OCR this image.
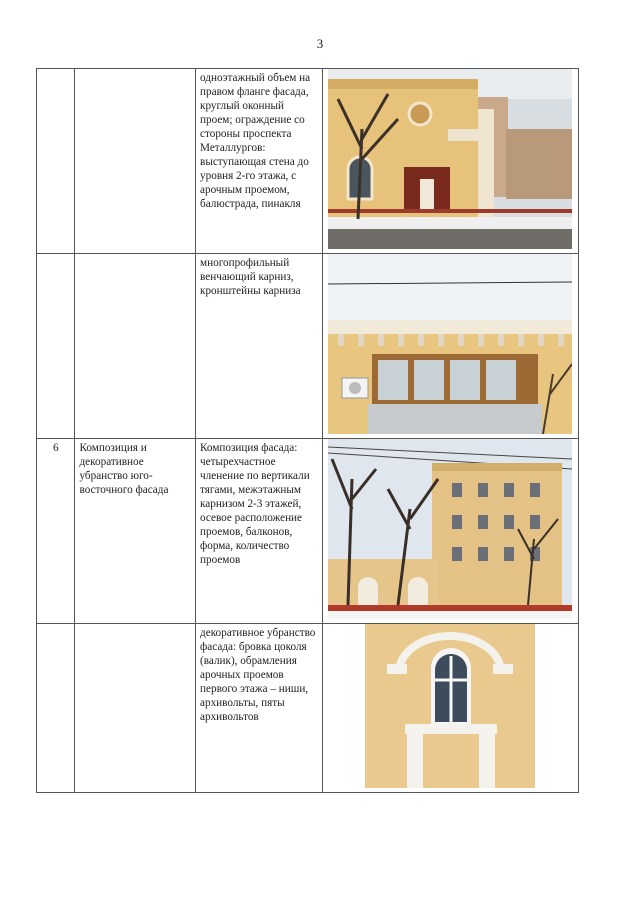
3
		одноэтажный объем на правом фланге фасада, круглый оконный проем; ограждение со стороны проспекта Металлургов: выступающая стена до уровня 2-го этажа, с арочным проемом, балюстрада, пинакля	

		многопрофильный венчающий карниз, кронштейны карниза	

6	Композиция и декоративное убранство юго-восточного фасада	Композиция фасада: четырехчастное членение по вертикали тягами, межэтажным карнизом 2-3 этажей, осевое расположение проемов, балконов, форма, количество проемов	

		декоративное убранство фасада: бровка цоколя (валик), обрамления арочных проемов первого этажа – ниши, архивольты, пяты архивольтов	
